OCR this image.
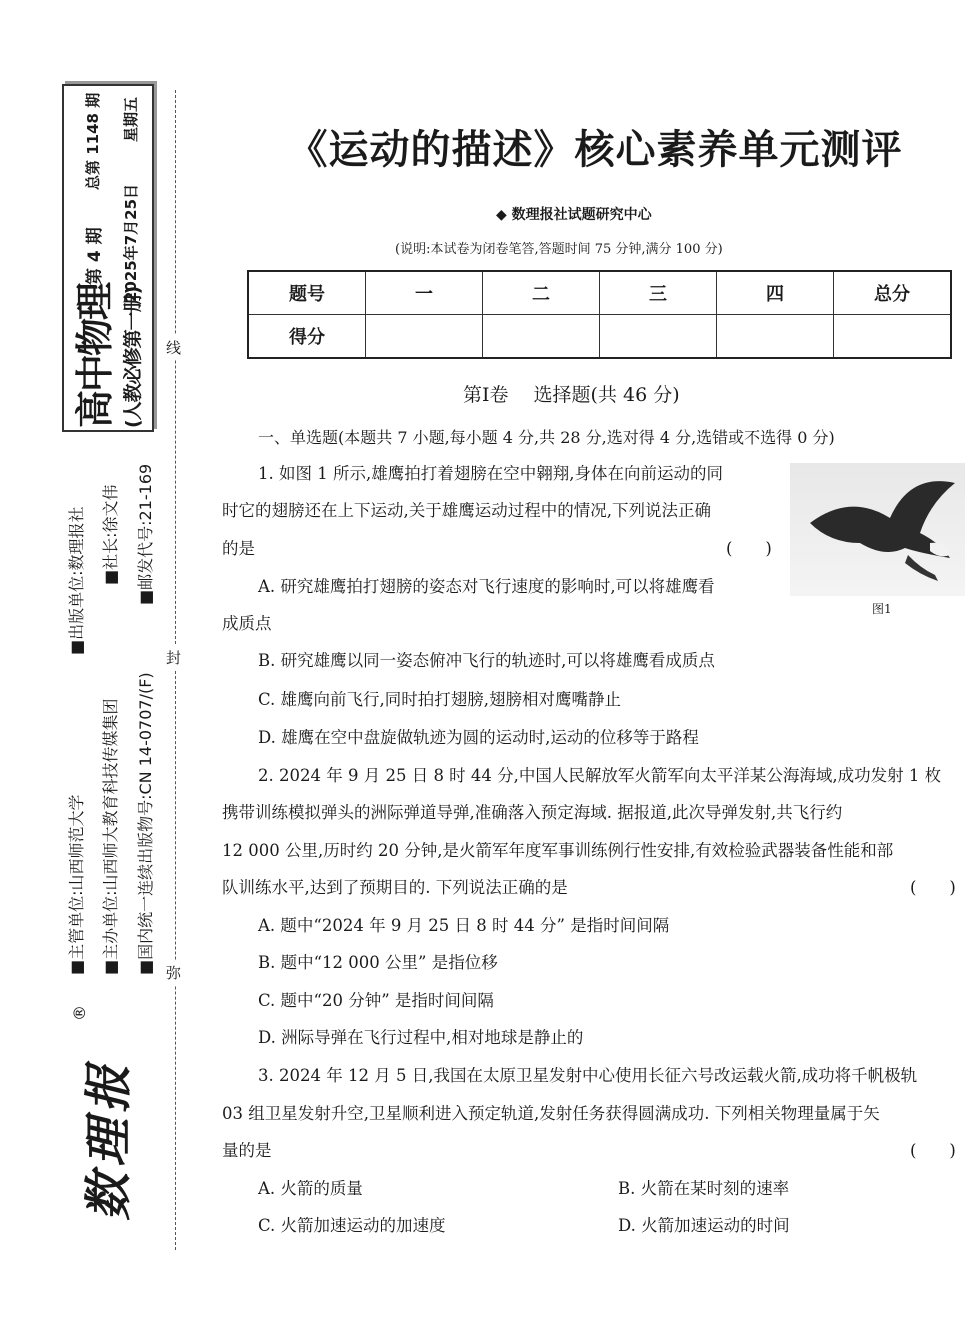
高中物理 (人教必修第一册)
第 4 期
总第 1148 期
2025年7月25日
星期五
■主管单位:山西师范大学
■出版单位:数理报社
■主办单位:山西师大教育科技传媒集团
■社长:徐文伟
■国内统一连续出版物号:CN 14-0707/(F)
■邮发代号:21-169
数理报
®
线
封
弥
《运动的描述》核心素养单元测评
◆ 数理报社试题研究中心
(说明:本试卷为闭卷笔答,答题时间 75 分钟,满分 100 分)
题号	一	二	三	四	总分
得分					
第Ⅰ卷　 选择题(共 46 分)
一、单选题(本题共 7 小题,每小题 4 分,共 28 分,选对得 4 分,选错或不选得 0 分)
图1
1. 如图 1 所示,雄鹰拍打着翅膀在空中翱翔,身体在向前运动的同
时它的翅膀还在上下运动,关于雄鹰运动过程中的情况,下列说法正确
的是	(　　)
A. 研究雄鹰拍打翅膀的姿态对飞行速度的影响时,可以将雄鹰看
成质点
B. 研究雄鹰以同一姿态俯冲飞行的轨迹时,可以将雄鹰看成质点
C. 雄鹰向前飞行,同时拍打翅膀,翅膀相对鹰嘴静止
D. 雄鹰在空中盘旋做轨迹为圆的运动时,运动的位移等于路程
2. 2024 年 9 月 25 日 8 时 44 分,中国人民解放军火箭军向太平洋某公海海域,成功发射 1 枚
携带训练模拟弹头的洲际弹道导弹,准确落入预定海域. 据报道,此次导弹发射,共飞行约
12 000 公里,历时约 20 分钟,是火箭军年度军事训练例行性安排,有效检验武器装备性能和部
队训练水平,达到了预期目的. 下列说法正确的是	(　　)
A. 题中“2024 年 9 月 25 日 8 时 44 分” 是指时间间隔
B. 题中“12 000 公里” 是指位移
C. 题中“20 分钟” 是指时间间隔
D. 洲际导弹在飞行过程中,相对地球是静止的
3. 2024 年 12 月 5 日,我国在太原卫星发射中心使用长征六号改运载火箭,成功将千帆极轨
03 组卫星发射升空,卫星顺利进入预定轨道,发射任务获得圆满成功. 下列相关物理量属于矢
量的是	(　　)
A. 火箭的质量	B. 火箭在某时刻的速率
C. 火箭加速运动的加速度	D. 火箭加速运动的时间
